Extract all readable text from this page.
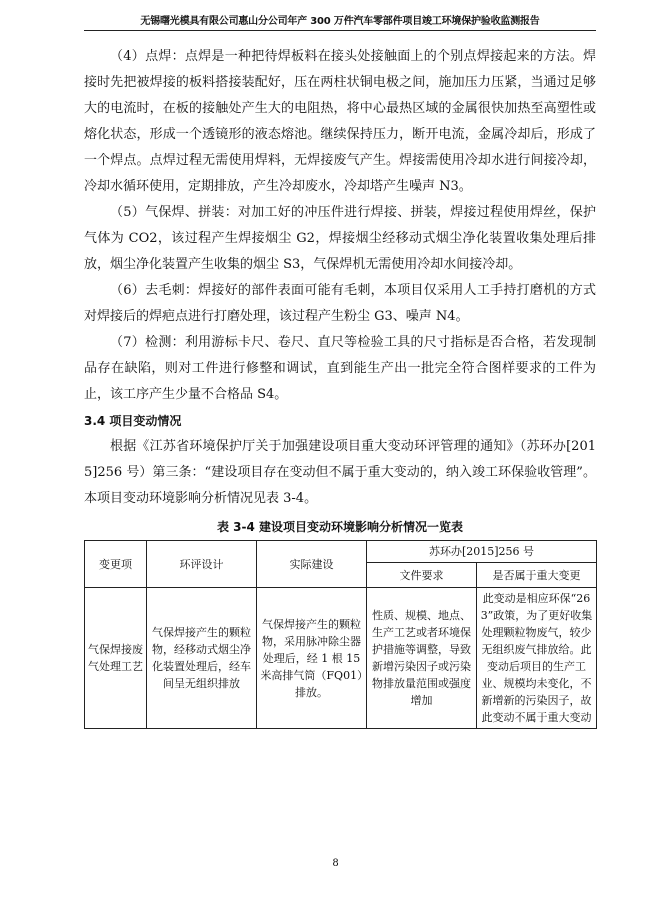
无锡曙光模具有限公司惠山分公司年产 300 万件汽车零部件项目竣工环境保护验收监测报告

（4）点焊：点焊是一种把待焊板料在接头处接触面上的个别点焊接起来的方法。焊接时先把被焊接的板料搭接装配好，压在两柱状铜电极之间，施加压力压紧，当通过足够大的电流时，在板的接触处产生大的电阻热，将中心最热区域的金属很快加热至高塑性或熔化状态，形成一个透镜形的液态熔池。继续保持压力，断开电流，金属冷却后，形成了一个焊点。点焊过程无需使用焊料，无焊接废气产生。焊接需使用冷却水进行间接冷却，冷却水循环使用，定期排放，产生冷却废水，冷却塔产生噪声 N3。

（5）气保焊、拼装：对加工好的冲压件进行焊接、拼装，焊接过程使用焊丝，保护气体为 CO2，该过程产生焊接烟尘 G2，焊接烟尘经移动式烟尘净化装置收集处理后排放，烟尘净化装置产生收集的烟尘 S3，气保焊机无需使用冷却水间接冷却。

（6）去毛刺：焊接好的部件表面可能有毛刺，本项目仅采用人工手持打磨机的方式对焊接后的焊疤点进行打磨处理，该过程产生粉尘 G3、噪声 N4。

（7）检测：利用游标卡尺、卷尺、直尺等检验工具的尺寸指标是否合格，若发现制品存在缺陷，则对工件进行修整和调试，直到能生产出一批完全符合图样要求的工件为止，该工序产生少量不合格品 S4。

3.4 项目变动情况

根据《江苏省环境保护厅关于加强建设项目重大变动环评管理的通知》（苏环办[2015]256 号）第三条：“建设项目存在变动但不属于重大变动的，纳入竣工环保验收管理”。本项目变动环境影响分析情况见表 3-4。

表 3-4 建设项目变动环境影响分析情况一览表
变更项	环评设计	实际建设	苏环办[2015]256 号	
			文件要求	是否属于重大变更
气保焊接废气处理工艺	气保焊接产生的颗粒物，经移动式烟尘净化装置处理后，经车间呈无组织排放	气保焊接产生的颗粒物，采用脉冲除尘器处理后，经 1 根 15 米高排气筒（FQ01）排放。	性质、规模、地点、生产工艺或者环境保护措施等调整，导致新增污染因子或污染物排放量范围或强度增加	此变动是相应环保“263”政策，为了更好收集处理颗粒物废气，较少无组织废气排放给。此变动后项目的生产工业、规模均未变化，不新增新的污染因子，故此变动不属于重大变动
8
